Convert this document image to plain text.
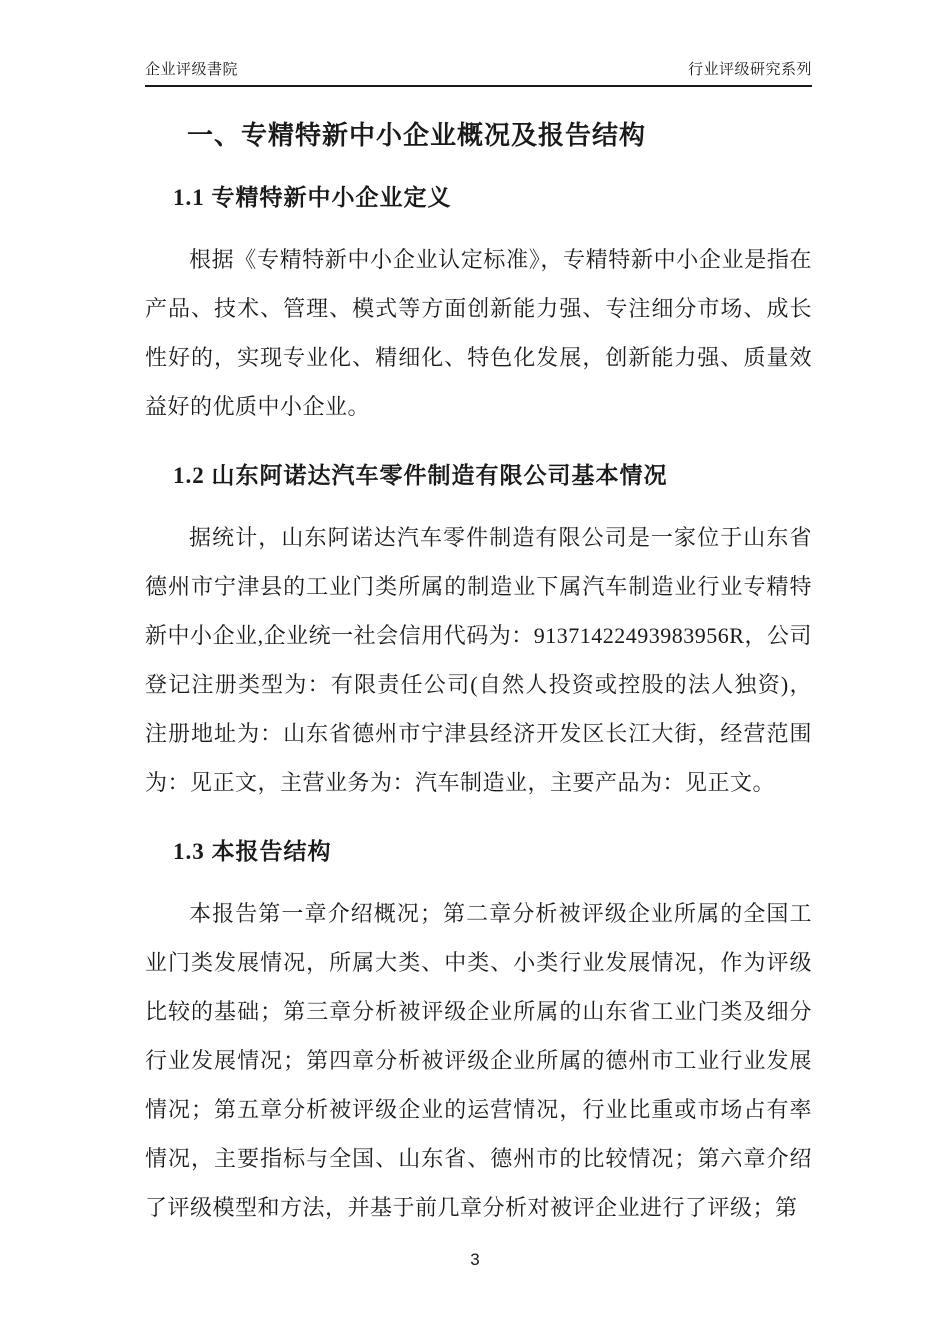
企业评级書院	行业评级研究系列
一、专精特新中小企业概况及报告结构
1.1 专精特新中小企业定义

根据《专精特新中小企业认定标准》，专精特新中小企业是指在产品、技术、管理、模式等方面创新能力强、专注细分市场、成长性好的，实现专业化、精细化、特色化发展，创新能力强、质量效益好的优质中小企业。

1.2 山东阿诺达汽车零件制造有限公司基本情况

据统计，山东阿诺达汽车零件制造有限公司是一家位于山东省德州市宁津县的工业门类所属的制造业下属汽车制造业行业专精特新中小企业,企业统一社会信用代码为：91371422493983956R，公司登记注册类型为：有限责任公司(自然人投资或控股的法人独资)，注册地址为：山东省德州市宁津县经济开发区长江大街，经营范围为：见正文，主营业务为：汽车制造业，主要产品为：见正文。

1.3 本报告结构

本报告第一章介绍概况；第二章分析被评级企业所属的全国工业门类发展情况，所属大类、中类、小类行业发展情况，作为评级比较的基础；第三章分析被评级企业所属的山东省工业门类及细分行业发展情况；第四章分析被评级企业所属的德州市工业行业发展情况；第五章分析被评级企业的运营情况，行业比重或市场占有率情况，主要指标与全国、山东省、德州市的比较情况；第六章介绍了评级模型和方法，并基于前几章分析对被评企业进行了评级；第

3
